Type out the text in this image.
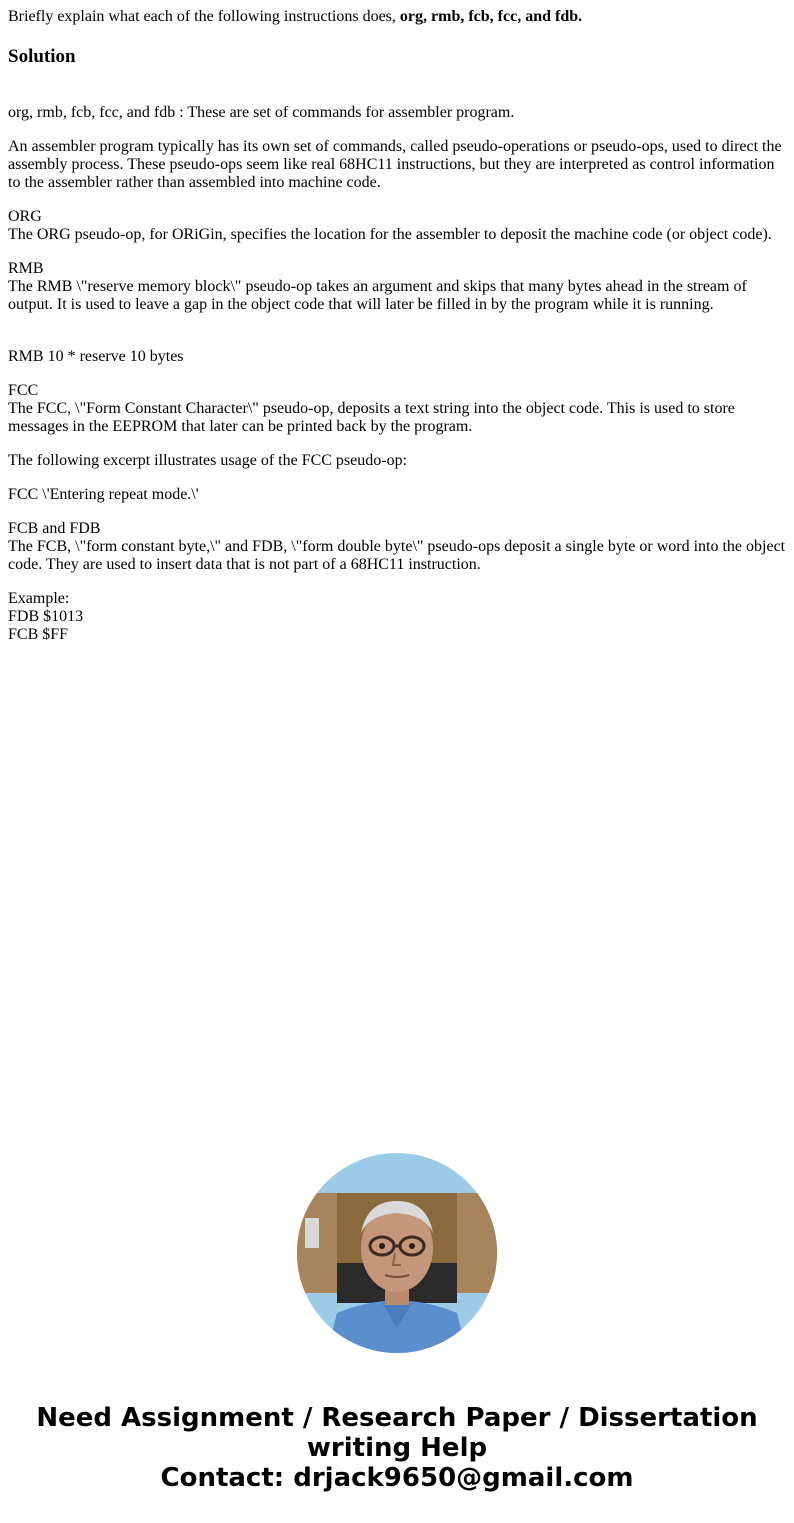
Briefly explain what each of the following instructions does, org, rmb, fcb, fcc, and fdb.

Solution

org, rmb, fcb, fcc, and fdb : These are set of commands for assembler program.

An assembler program typically has its own set of commands, called pseudo-operations or pseudo-ops, used to direct the assembly process. These pseudo-ops seem like real 68HC11 instructions, but they are interpreted as control information to the assembler rather than assembled into machine code.

ORG
The ORG pseudo-op, for ORiGin, specifies the location for the assembler to deposit the machine code (or object code).

RMB
The RMB \"reserve memory block\" pseudo-op takes an argument and skips that many bytes ahead in the stream of output. It is used to leave a gap in the object code that will later be filled in by the program while it is running.

RMB 10 * reserve 10 bytes

FCC
The FCC, \"Form Constant Character\" pseudo-op, deposits a text string into the object code. This is used to store messages in the EEPROM that later can be printed back by the program.

The following excerpt illustrates usage of the FCC pseudo-op:

FCC \'Entering repeat mode.\'

FCB and FDB
The FCB, \"form constant byte,\" and FDB, \"form double byte\" pseudo-ops deposit a single byte or word into the object code. They are used to insert data that is not part of a 68HC11 instruction.

Example:
FDB $1013
FCB $FF

Need Assignment / Research Paper / Dissertation
writing Help
Contact: drjack9650@gmail.com
